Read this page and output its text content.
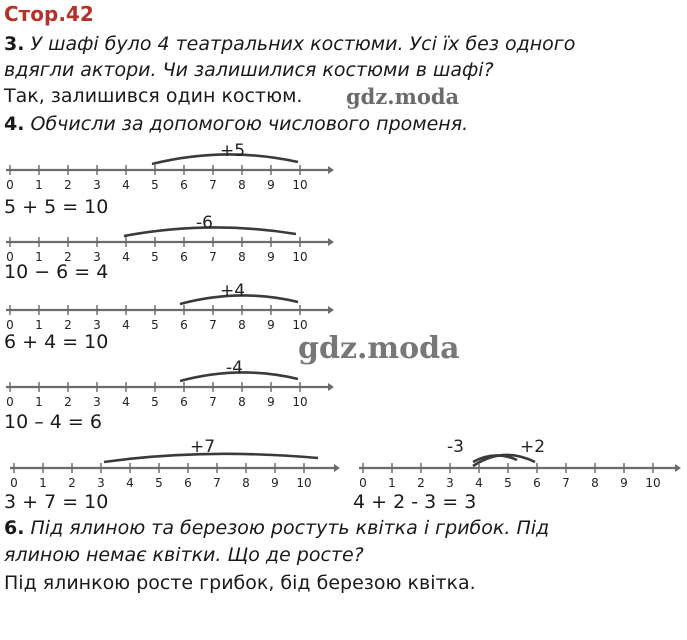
Стор.42
3. У шафі було 4 театральних костюми. Усі їх без одного
вдягли актори. Чи залишилися костюми в шафі?
Так, залишився один костюм. gdz.moda
4. Обчисли за допомогою числового променя.
+5
0 1 2 3 4 5 6 7 8 9 10
5 + 5 = 10
-6
0 1 2 3 4 5 6 7 8 9 10
10 − 6 = 4
+4
0 1 2 3 4 5 6 7 8 9 10
6 + 4 = 10	gdz.moda
-4
0 1 2 3 4 5 6 7 8 9 10
10 – 4 = 6
+7
0 1 2 3 4 5 6 7 8 9 10
3 + 7 = 10
-3	+2
0 1 2 3 4 5 6 7 8 9 10
4 + 2 - 3 = 3
6. Під ялиною та березою ростуть квітка і грибок. Під
ялиною немає квітки. Що де росте?
Під ялинкою росте грибок, бід березою квітка.
